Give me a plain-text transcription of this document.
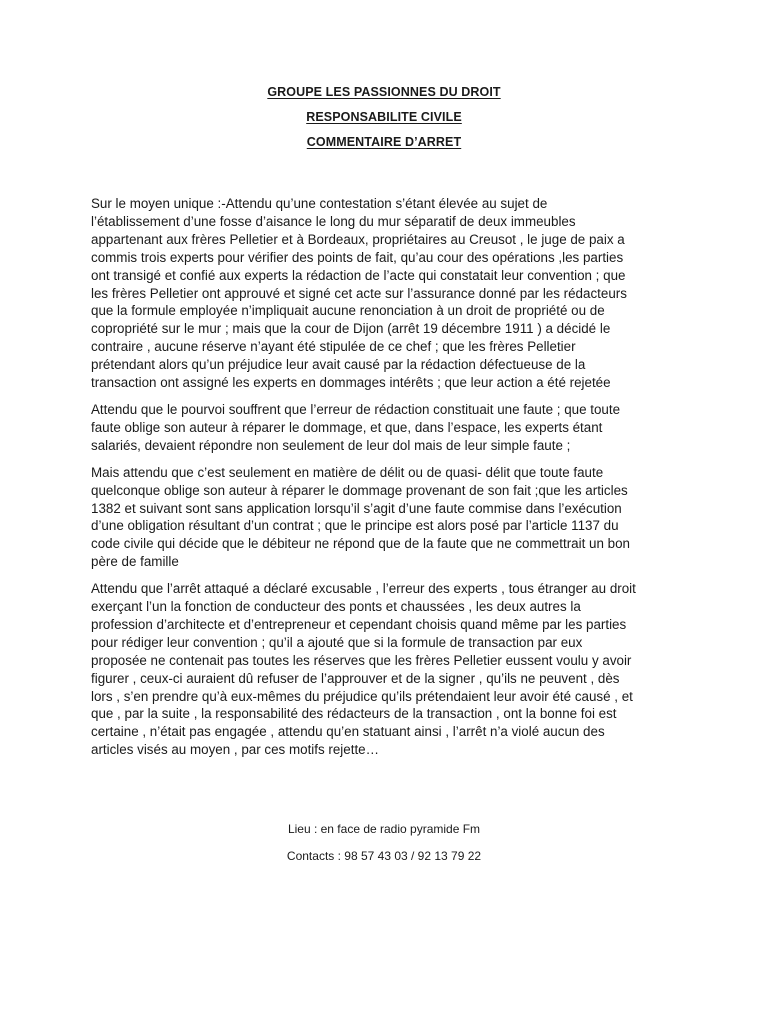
GROUPE LES PASSIONNES DU DROIT
RESPONSABILITE CIVILE
COMMENTAIRE D’ARRET

Sur le moyen unique :-Attendu qu’une contestation s’étant élevée au sujet de
l’établissement d’une fosse d’aisance le long du mur séparatif de deux immeubles
appartenant aux frères Pelletier et à Bordeaux, propriétaires au Creusot , le juge de paix a
commis trois experts pour vérifier des points de fait, qu’au cour des opérations ,les parties
ont transigé et confié aux experts la rédaction de l’acte qui constatait leur convention ; que
les frères Pelletier ont approuvé et signé cet acte sur l’assurance donné par les rédacteurs
que la formule employée n’impliquait aucune renonciation à un droit de propriété ou de
copropriété sur le mur ; mais que la cour de Dijon (arrêt 19 décembre 1911 ) a décidé le
contraire , aucune réserve n’ayant été stipulée de ce chef ; que les frères Pelletier
prétendant alors qu’un préjudice leur avait causé par la rédaction défectueuse de la
transaction ont assigné les experts en dommages intérêts ; que leur action a été rejetée

Attendu que le pourvoi souffrent que l’erreur de rédaction constituait une faute ; que toute
faute oblige son auteur à réparer le dommage, et que, dans l’espace, les experts étant
salariés, devaient répondre non seulement de leur dol mais de leur simple faute ;

Mais attendu que c’est seulement en matière de délit ou de quasi- délit que toute faute
quelconque oblige son auteur à réparer le dommage provenant de son fait ;que les articles
1382 et suivant sont sans application lorsqu’il s’agit d’une faute commise dans l’exécution
d’une obligation résultant d’un contrat ; que le principe est alors posé par l’article 1137 du
code civile qui décide que le débiteur ne répond que de la faute que ne commettrait un bon
père de famille

Attendu que l’arrêt attaqué a déclaré excusable , l’erreur des experts , tous étranger au droit
exerçant l’un la fonction de conducteur des ponts et chaussées , les deux autres la
profession d’architecte et d’entrepreneur et cependant choisis quand même par les parties
pour rédiger leur convention ; qu’il a ajouté que si la formule de transaction par eux
proposée ne contenait pas toutes les réserves que les frères Pelletier eussent voulu y avoir
figurer , ceux-ci auraient dû refuser de l’approuver et de la signer , qu’ils ne peuvent , dès
lors , s’en prendre qu’à eux-mêmes du préjudice qu’ils prétendaient leur avoir été causé , et
que , par la suite , la responsabilité des rédacteurs de la transaction , ont la bonne foi est
certaine , n’était pas engagée , attendu qu’en statuant ainsi , l’arrêt n’a violé aucun des
articles visés au moyen , par ces motifs rejette…

Lieu : en face de radio pyramide Fm
Contacts : 98 57 43 03 / 92 13 79 22
